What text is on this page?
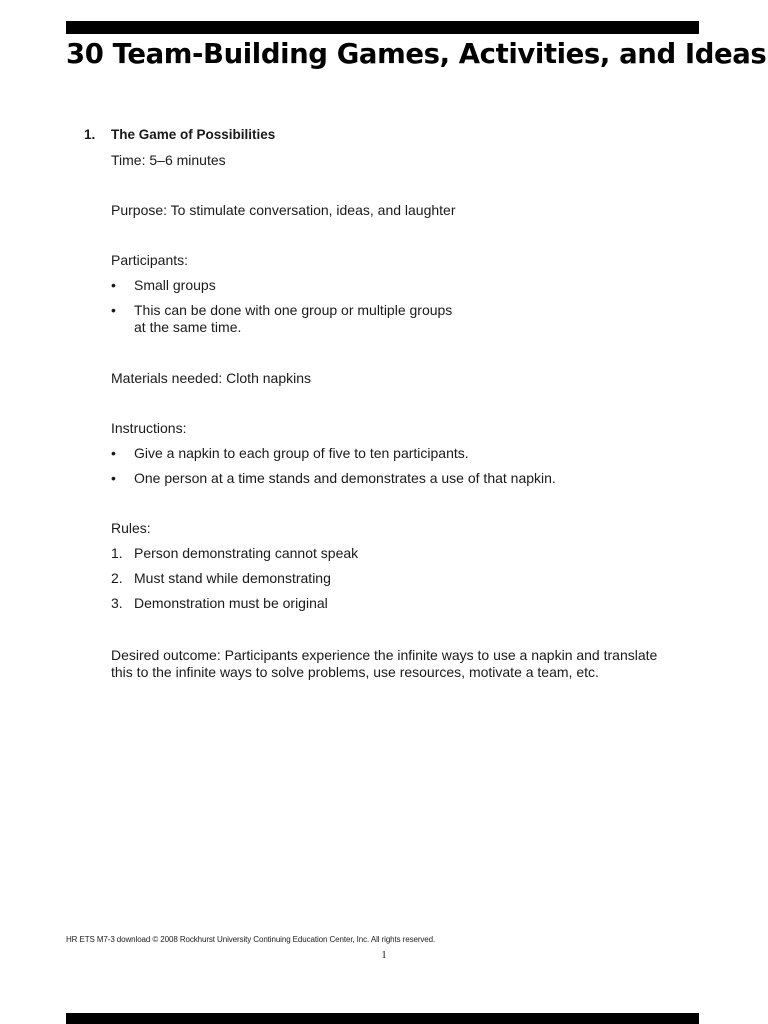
30 Team-Building Games, Activities, and Ideas
1. The Game of Possibilities
Time: 5–6 minutes
Purpose: To stimulate conversation, ideas, and laughter
Participants:
•	Small groups
•	This can be done with one group or multiple groups
at the same time.
Materials needed: Cloth napkins
Instructions:
•	Give a napkin to each group of five to ten participants.
•	One person at a time stands and demonstrates a use of that napkin.
Rules:
1. Person demonstrating cannot speak
2. Must stand while demonstrating
3. Demonstration must be original
Desired outcome: Participants experience the infinite ways to use a napkin and translate
this to the infinite ways to solve problems, use resources, motivate a team, etc.
HR ETS M7-3 download © 2008 Rockhurst University Continuing Education Center, Inc. All rights reserved.
1
